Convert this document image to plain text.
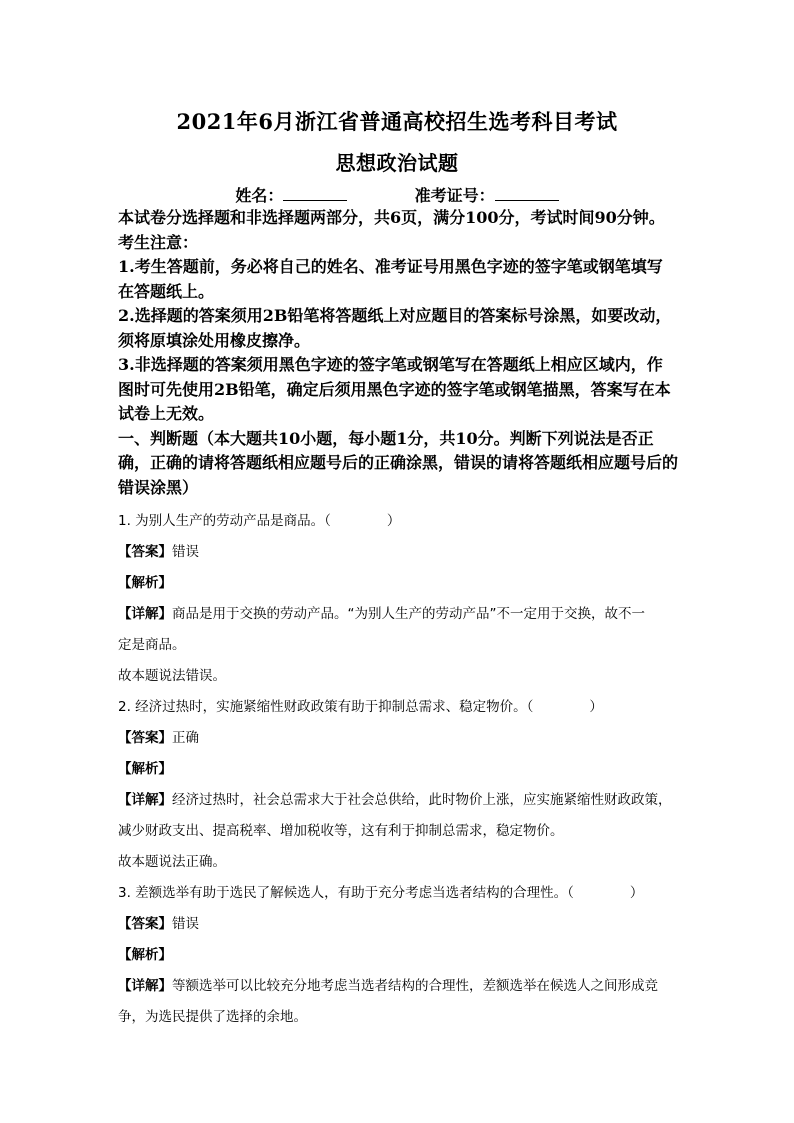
2021年6月浙江省普通高校招生选考科目考试
思想政治试题
姓名：	准考证号：

本试卷分选择题和非选择题两部分，共6页，满分100分，考试时间90分钟。

考生注意：

1.考生答题前，务必将自己的姓名、准考证号用黑色字迹的签字笔或钢笔填写在答题纸上。

2.选择题的答案须用2B铅笔将答题纸上对应题目的答案标号涂黑，如要改动，须将原填涂处用橡皮擦净。

3.非选择题的答案须用黑色字迹的签字笔或钢笔写在答题纸上相应区域内，作图时可先使用2B铅笔，确定后须用黑色字迹的签字笔或钢笔描黑，答案写在本试卷上无效。

一、判断题（本大题共10小题，每小题1分，共10分。判断下列说法是否正确，正确的请将答题纸相应题号后的正确涂黑，错误的请将答题纸相应题号后的错误涂黑）

1. 为别人生产的劳动产品是商品。（	）
【答案】错误
【解析】
【详解】商品是用于交换的劳动产品。“为别人生产的劳动产品”不一定用于交换，故不一
定是商品。
故本题说法错误。
2. 经济过热时，实施紧缩性财政政策有助于抑制总需求、稳定物价。（	）
【答案】正确
【解析】
【详解】经济过热时，社会总需求大于社会总供给，此时物价上涨，应实施紧缩性财政政策，
减少财政支出、提高税率、增加税收等，这有利于抑制总需求，稳定物价。
故本题说法正确。
3. 差额选举有助于选民了解候选人，有助于充分考虑当选者结构的合理性。（	）
【答案】错误
【解析】
【详解】等额选举可以比较充分地考虑当选者结构的合理性，差额选举在候选人之间形成竞
争，为选民提供了选择的余地。
